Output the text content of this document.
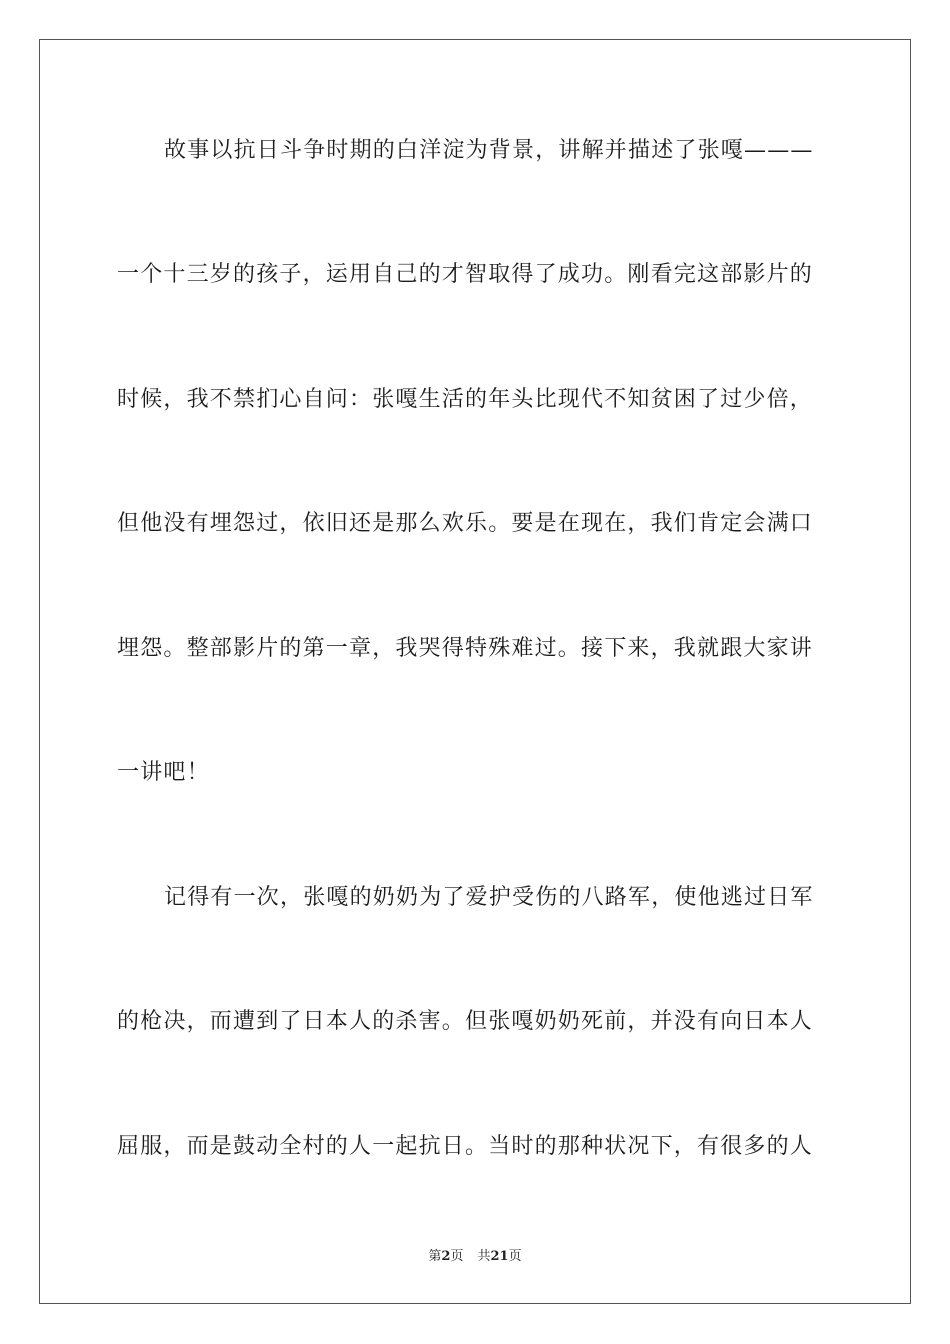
故事以抗日斗争时期的白洋淀为背景，讲解并描述了张嘎———
一个十三岁的孩子，运用自己的才智取得了成功。刚看完这部影片的
时候，我不禁扪心自问：张嘎生活的年头比现代不知贫困了过少倍，
但他没有埋怨过，依旧还是那么欢乐。要是在现在，我们肯定会满口
埋怨。整部影片的第一章，我哭得特殊难过。接下来，我就跟大家讲
一讲吧！
记得有一次，张嘎的奶奶为了爱护受伤的八路军，使他逃过日军
的枪决，而遭到了日本人的杀害。但张嘎奶奶死前，并没有向日本人
屈服，而是鼓动全村的人一起抗日。当时的那种状况下，有很多的人
第2页 共21页
